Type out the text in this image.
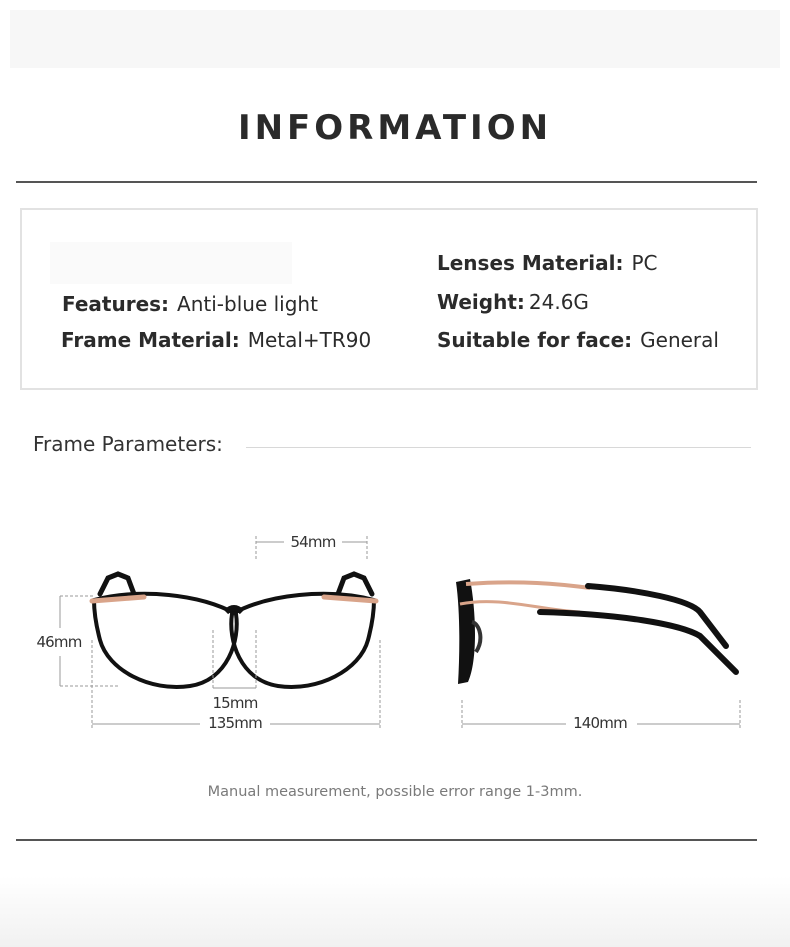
INFORMATION
Features: Anti-blue light
Frame Material: Metal+TR90
Lenses Material: PC
Weight: 24.6G
Suitable for face: General
Frame Parameters:
54mm
46mm
15mm
135mm	140mm
Manual measurement, possible error range 1-3mm.
